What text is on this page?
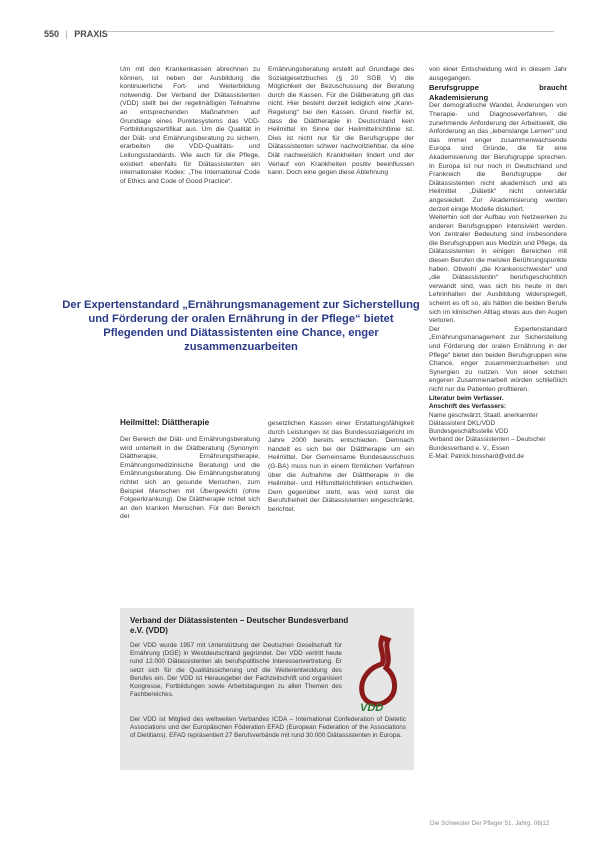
550 | PRAXIS

Um mit den Krankenkassen abrechnen zu können, ist neben der Ausbildung die kontinuierliche Fort- und Weiterbildung notwendig. Der Verband der Diätassistenten (VDD) stellt bei der regelmäßigen Teilnahme an entsprechenden Maßnahmen auf Grundlage eines Punktesystems das VDD-Fortbildungszertifikat aus. Um die Qualität in der Diät- und Ernährungsberatung zu sichern, erarbeiten die VDD-Qualitäts- und Leitungsstandards. Wie auch für die Pflege, existiert ebenfalls für Diätassistenten ein internationaler Kodex: „The International Code of Ethics and Code of Good Practice“.

Ernährungsberatung erstellt auf Grundlage des Sozialgesetzbuches (§ 20 SGB V) die Möglichkeit der Bezuschussung der Beratung durch die Kassen. Für die Diätberatung gilt das nicht. Hier besteht derzeit lediglich eine „Kann-Regelung“ bei den Kassen. Grund hierfür ist, dass die Diättherapie in Deutschland kein Heilmittel im Sinne der Heilmittelrichtlinie ist. Dies ist nicht nur für die Berufsgruppe der Diätassistenten schwer nachvollziehbar, da eine Diät nachweislich Krankheiten lindert und der Verlauf von Krankheiten positiv beeinflussen kann. Doch eine gegen diese Ablehnung

von einer Entscheidung wird in diesem Jahr ausgegangen.

Berufsgruppe braucht Akademisierung

Der demografische Wandel, Änderungen von Therapie- und Diagnoseverfahren, die zunehmende Anforderung der Arbeitswelt, die Anforderung an das „lebenslange Lernen“ und das immer enger zusammenwachsende Europa sind Gründe, die für eine Akademisierung der Berufsgruppe sprechen. In Europa ist nur noch in Deutschland und Frankreich die Berufsgruppe der Diätassistenten nicht akademisch und als Heilmittel „Diätetik“ nicht universitär angesiedelt. Zur Akademisierung werden derzeit einige Modelle diskutiert.

Weiterhin soll der Aufbau von Netzwerken zu anderen Berufsgruppen intensiviert werden. Von zentraler Bedeutung sind insbesondere die Berufsgruppen aus Medizin und Pflege, da Diätassistenten in einigen Bereichen mit diesen Berufen die meisten Berührungspunkte haben. Obwohl „die Krankenschwester“ und „die Diätassistentin“ berufsgeschichtlich verwandt sind, was sich bis heute in den Lehrinhalten der Ausbildung widerspiegelt, scheint es oft so, als hätten die beiden Berufe sich im klinischen Alltag etwas aus den Augen verloren.

Der Expertenstandard „Ernährungsmanagement zur Sicherstellung und Förderung der oralen Ernährung in der Pflege“ bietet den beiden Berufsgruppen eine Chance, enger zusammenzuarbeiten und Synergien zu nutzen. Von einer solchen engeren Zusammenarbeit würden schließlich nicht nur die Patienten profitieren.

Literatur beim Verfasser.

Anschrift des Verfassers:

Name geschwärzt, Staatl. anerkannter
Diätassistent DKL/VDD
Bundesgeschäftsstelle VDD
Verband der Diätassistenten – Deutscher
Bundesverband e. V., Essen
E-Mail: Patrick.bosshard@vdd.de

Der Expertenstandard „Ernährungsmanagement zur Sicherstellung und Förderung der oralen Ernährung in der Pflege“ bietet Pflegenden und Diätassistenten eine Chance, enger zusammenzuarbeiten

Heilmittel: Diättherapie

Der Bereich der Diät- und Ernährungsberatung wird unterteilt in die Diätberatung (Synonym: Diättherapie, Ernährungstherapie, Ernährungsmedizinische Beratung) und die Ernährungsberatung. Die Ernährungsberatung richtet sich an gesunde Menschen, zum Beispiel Menschen mit Übergewicht (ohne Folgeerkrankung). Die Diättherapie richtet sich an den kranken Menschen. Für den Bereich der

gesetzlichen Kassen einer Erstattungsfähigkeit durch Leistungen ist das Bundessozialgericht im Jahre 2000 bereits entschieden. Demnach handelt es sich bei der Diättherapie um ein Heilmittel. Der Gemeinsame Bundesausschuss (G-BA) muss nun in einem förmlichen Verfahren über die Aufnahme der Diättherapie in die Heilmittel- und Hilfsmittelrichtlinien entscheiden. Dem gegenüber steht, was wird sonst die Berufsfreiheit der Diätassistenten eingeschränkt, berichtet.

Verband der Diätassistenten – Deutscher Bundesverband e.V. (VDD)

Der VDD wurde 1957 mit Unterstützung der Deutschen Gesellschaft für Ernährung (DGE) in Westdeutschland gegründet. Der VDD vertritt heute rund 12.000 Diätassistenten als berufspolitische Interessenvertretung. Er setzt sich für die Qualitätssicherung und die Weiterentwicklung des Berufes ein. Der VDD ist Herausgeber der Fachzeitschrift und organisiert Kongresse, Fortbildungen sowie Arbeitstagungen zu allen Themen des Fachbereiches.

VDD

Der VDD ist Mitglied des weltweiten Verbandes ICDA – International Confederation of Dietetic Associations und der Europäischen Föderation EFAD (European Federation of the Associations of Dietitians). EFAD repräsentiert 27 Berufsverbände mit rund 30.000 Diätassistenten in Europa.

Die Schwester Der Pfleger 51. Jahrg. 06|12
